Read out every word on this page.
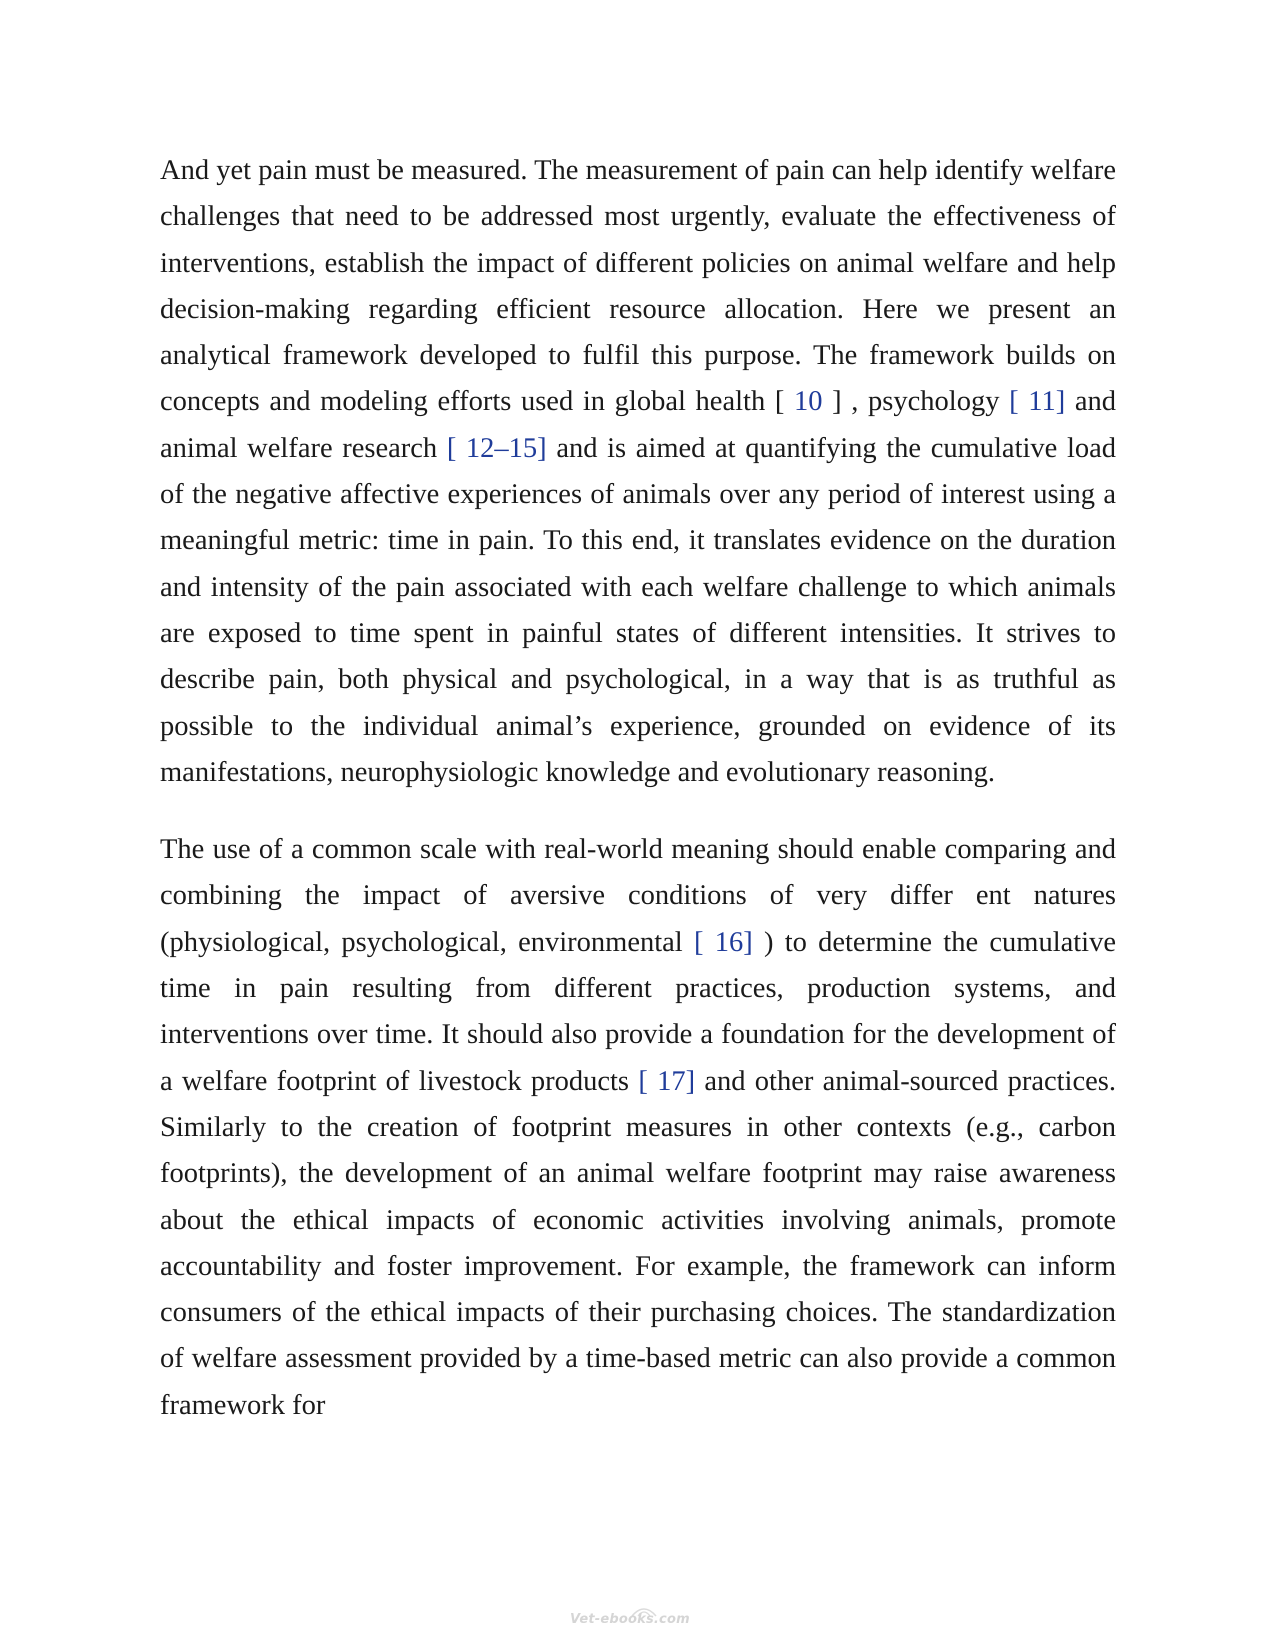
And yet pain must be measured. The measurement of pain can help identify welfare challenges that need to be addressed most urgently, evaluate the effectiveness of interventions, establish the impact of different policies on animal welfare and help decision-making regarding efficient resource allocation. Here we present an analytical framework developed to fulfil this purpose. The framework builds on concepts and modeling efforts used in global health [ 10 ] , psychology [ 11] and animal welfare research [ 12–15] and is aimed at quantifying the cumulative load of the negative affective experiences of animals over any period of interest using a meaningful metric: time in pain. To this end, it translates evidence on the duration and intensity of the pain associated with each welfare challenge to which animals are exposed to time spent in painful states of different intensities. It strives to describe pain, both physical and psychological, in a way that is as truthful as possible to the individual animal’s experience, grounded on evidence of its manifestations, neurophysiologic knowledge and evolutionary reasoning.

The use of a common scale with real-world meaning should enable comparing and combining the impact of aversive conditions of very differ ent natures (physiological, psychological, environmental [ 16] ) to determine the cumulative time in pain resulting from different practices, production systems, and interventions over time. It should also provide a foundation for the development of a welfare footprint of livestock products [ 17] and other animal-sourced practices. Similarly to the creation of footprint measures in other contexts (e.g., carbon footprints), the development of an animal welfare footprint may raise awareness about the ethical impacts of economic activities involving animals, promote accountability and foster improvement. For example, the framework can inform consumers of the ethical impacts of their purchasing choices. The standardization of welfare assessment provided by a time-based metric can also provide a common framework for

Vet-ebooks.com
